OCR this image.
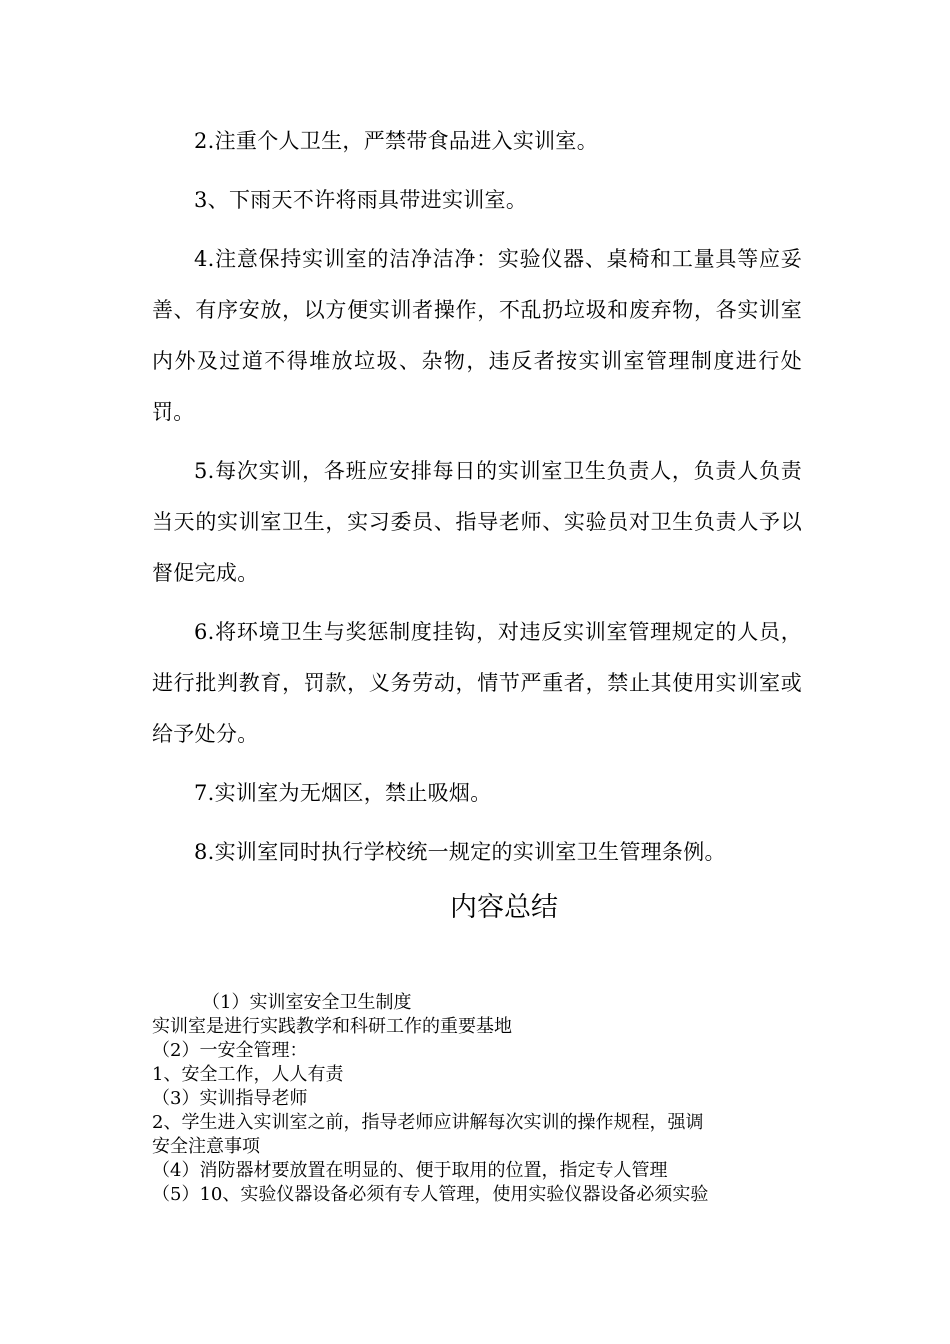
2.注重个人卫生，严禁带食品进入实训室。

3、下雨天不许将雨具带进实训室。

4.注意保持实训室的洁净洁净：实验仪器、桌椅和工量具等应妥善、有序安放，以方便实训者操作，不乱扔垃圾和废弃物，各实训室内外及过道不得堆放垃圾、杂物，违反者按实训室管理制度进行处罚。

5.每次实训，各班应安排每日的实训室卫生负责人，负责人负责当天的实训室卫生，实习委员、指导老师、实验员对卫生负责人予以督促完成。

6.将环境卫生与奖惩制度挂钩，对违反实训室管理规定的人员，进行批判教育，罚款，义务劳动，情节严重者，禁止其使用实训室或给予处分。

7.实训室为无烟区，禁止吸烟。

8.实训室同时执行学校统一规定的实训室卫生管理条例。

内容总结

（1）实训室安全卫生制度

实训室是进行实践教学和科研工作的重要基地

（2）一安全管理：

1、安全工作，人人有责

（3）实训指导老师

2、学生进入实训室之前，指导老师应讲解每次实训的操作规程，强调

安全注意事项

（4）消防器材要放置在明显的、便于取用的位置，指定专人管理

（5）10、实验仪器设备必须有专人管理，使用实验仪器设备必须实验
